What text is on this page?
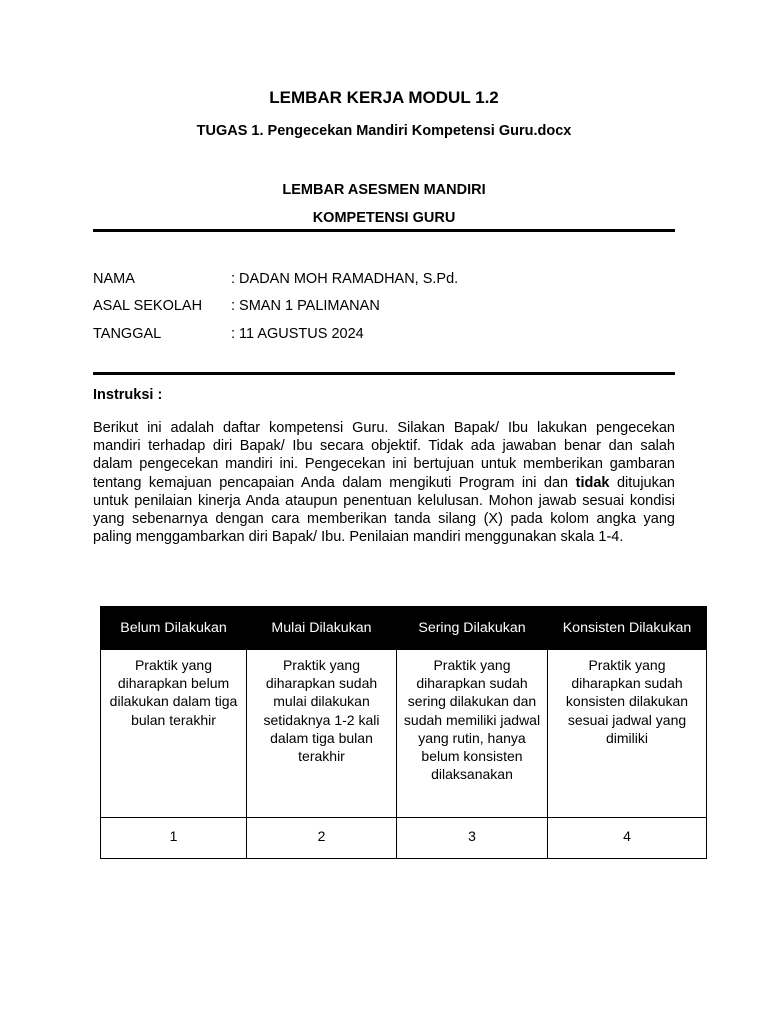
LEMBAR KERJA MODUL 1.2
TUGAS 1. Pengecekan Mandiri Kompetensi Guru.docx
LEMBAR ASESMEN MANDIRI
KOMPETENSI GURU
NAMA	: DADAN MOH RAMADHAN, S.Pd.
ASAL SEKOLAH : SMAN 1 PALIMANAN
TANGGAL	: 11 AGUSTUS 2024
Instruksi :
Berikut ini adalah daftar kompetensi Guru. Silakan Bapak/ Ibu lakukan pengecekan mandiri terhadap diri Bapak/ Ibu secara objektif. Tidak ada jawaban benar dan salah dalam pengecekan mandiri ini. Pengecekan ini bertujuan untuk memberikan gambaran tentang kemajuan pencapaian Anda dalam mengikuti Program ini dan tidak ditujukan untuk penilaian kinerja Anda ataupun penentuan kelulusan. Mohon jawab sesuai kondisi yang sebenarnya dengan cara memberikan tanda silang (X) pada kolom angka yang paling menggambarkan diri Bapak/ Ibu. Penilaian mandiri menggunakan skala 1-4.
Belum Dilakukan	Mulai Dilakukan	Sering Dilakukan	Konsisten Dilakukan
Praktik yang diharapkan belum dilakukan dalam tiga bulan terakhir	Praktik yang diharapkan sudah mulai dilakukan setidaknya 1-2 kali dalam tiga bulan terakhir	Praktik yang diharapkan sudah sering dilakukan dan sudah memiliki jadwal yang rutin, hanya belum konsisten dilaksanakan	Praktik yang diharapkan sudah konsisten dilakukan sesuai jadwal yang dimiliki
1	2	3	4
